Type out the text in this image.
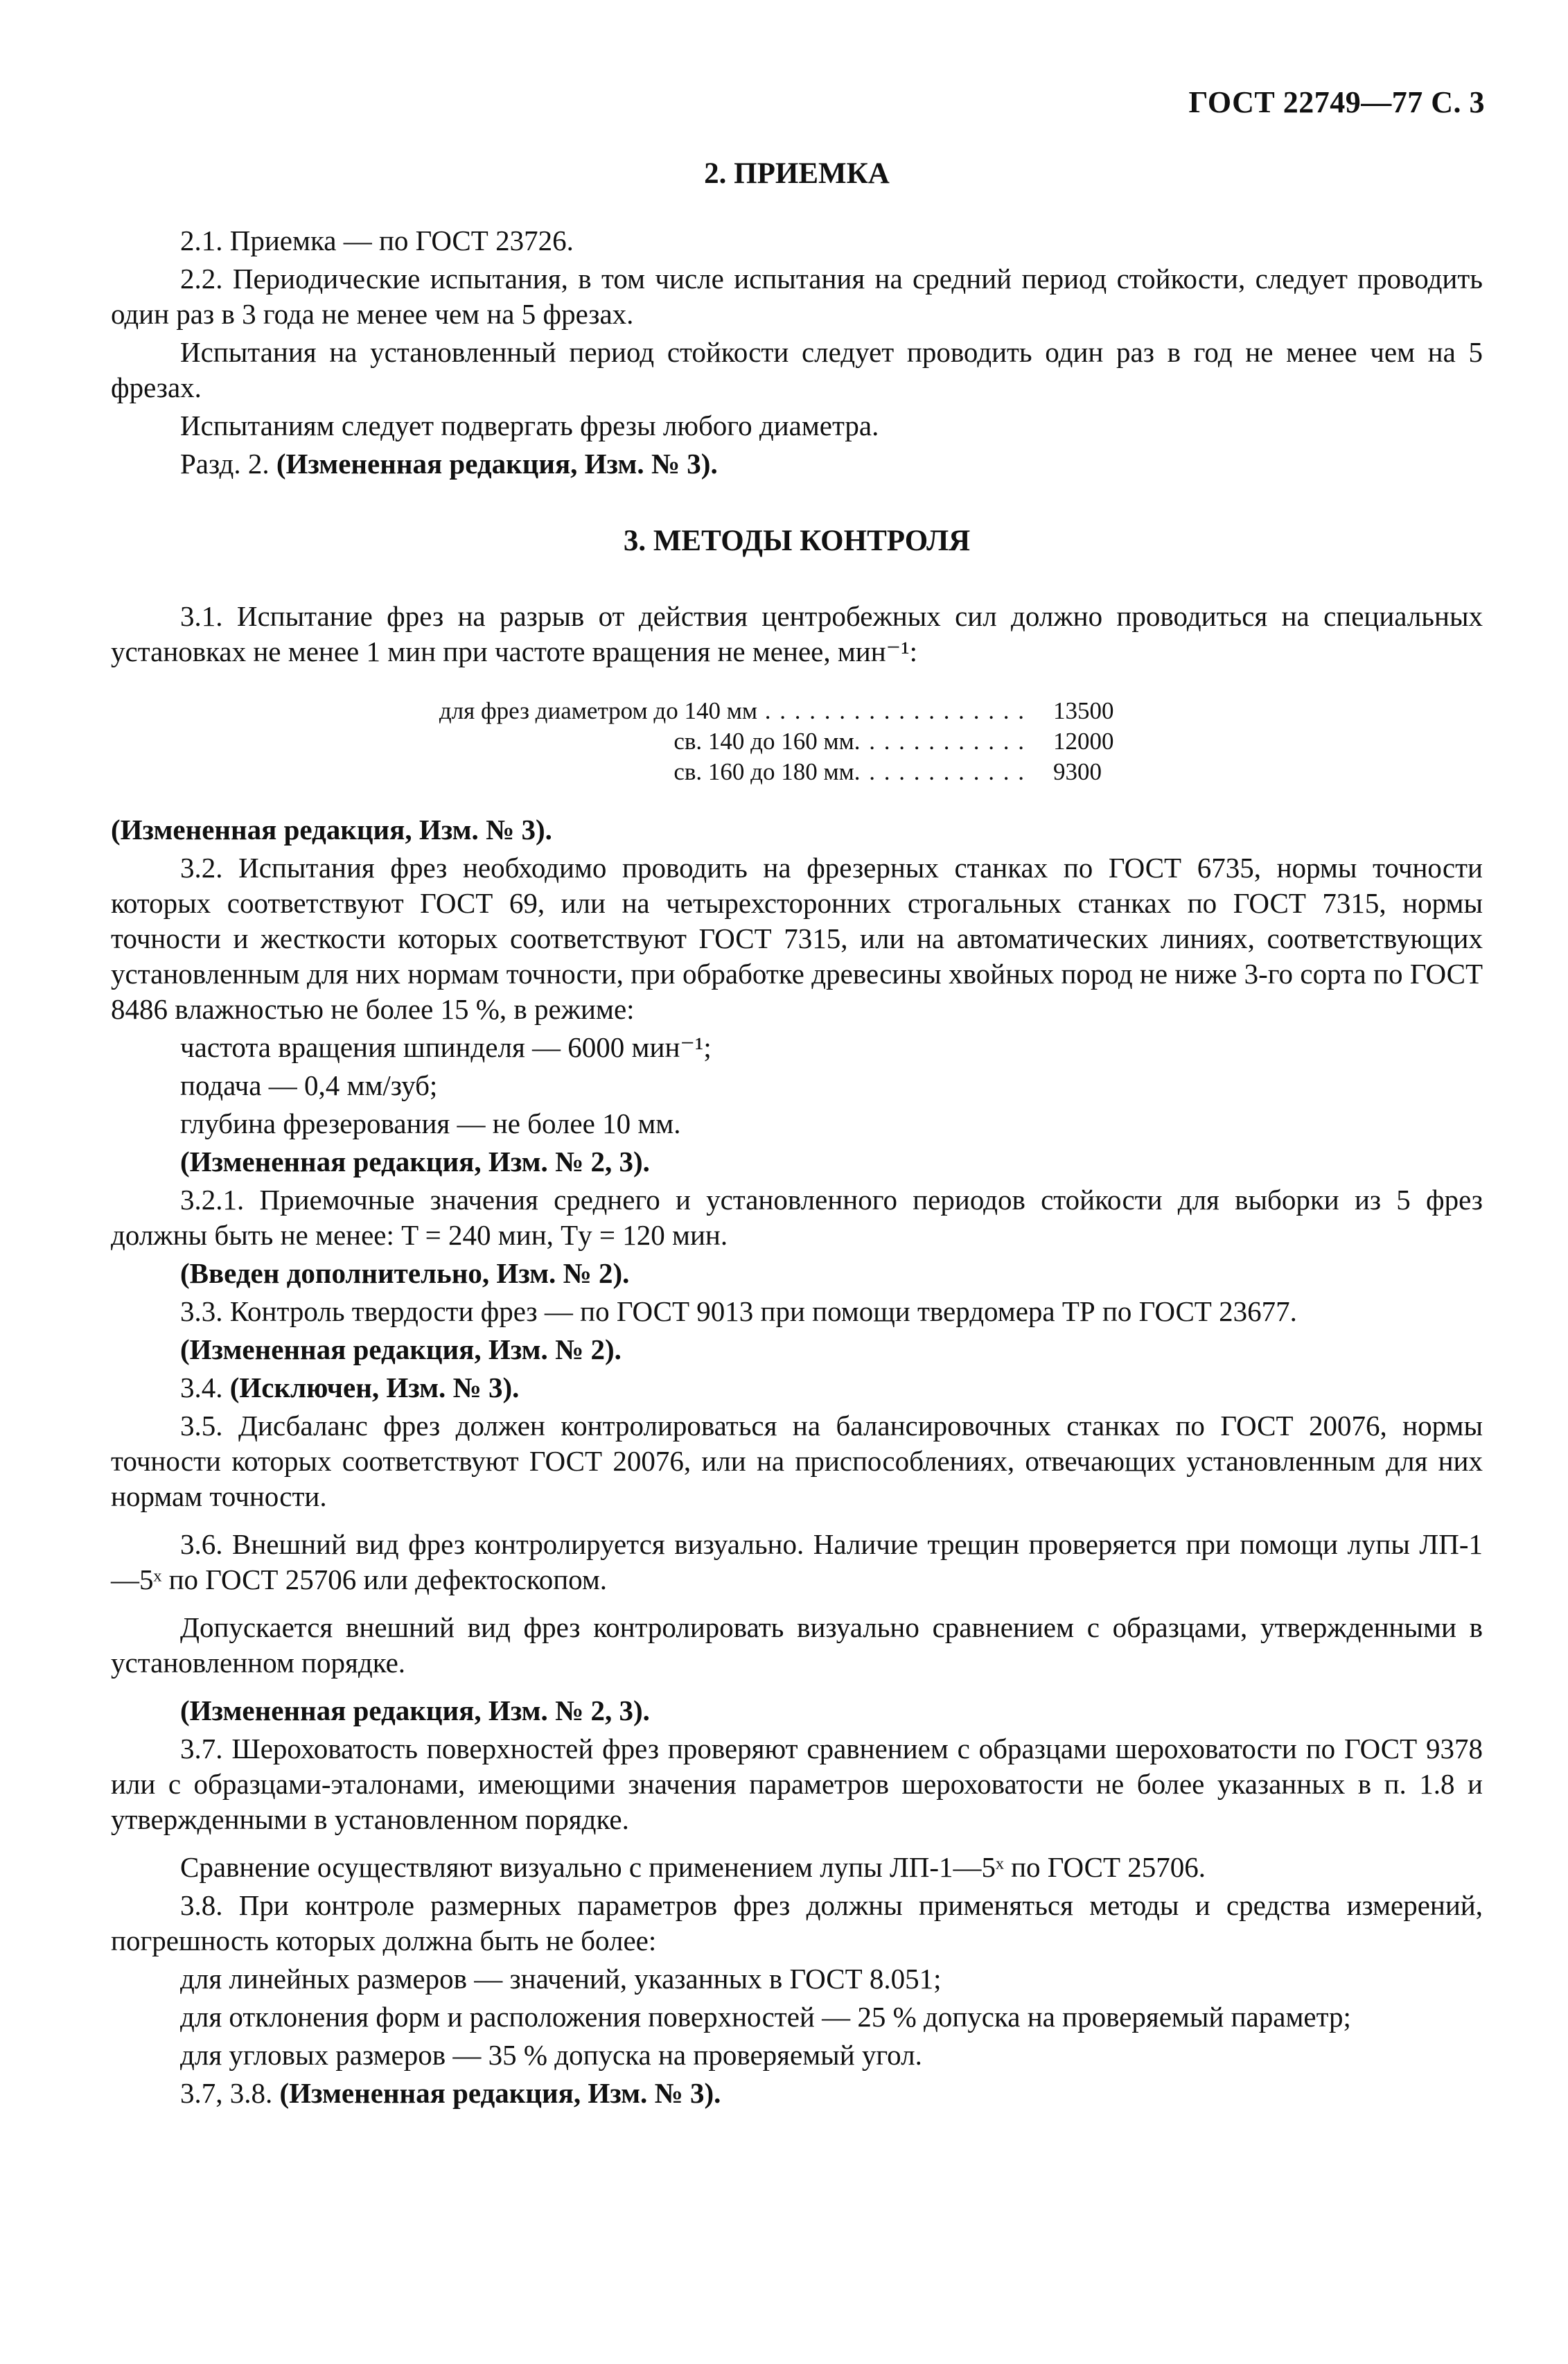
ГОСТ 22749—77 С. 3
2. ПРИЕМКА

2.1. Приемка — по ГОСТ 23726.

2.2. Периодические испытания, в том числе испытания на средний период стойкости, следует проводить один раз в 3 года не менее чем на 5 фрезах.

Испытания на установленный период стойкости следует проводить один раз в год не менее чем на 5 фрезах.

Испытаниям следует подвергать фрезы любого диаметра.

Разд. 2. (Измененная редакция, Изм. № 3).

3. МЕТОДЫ КОНТРОЛЯ

3.1. Испытание фрез на разрыв от действия центробежных сил должно проводиться на специальных установках не менее 1 мин при частоте вращения не менее, мин⁻¹:

для фрез диаметром до 140 мм . . . . . . . . . . . . . . . . . .	13500
св. 140 до 160 мм. . . . . . . . . . . .	12000
св. 160 до 180 мм. . . . . . . . . . . .	9300

(Измененная редакция, Изм. № 3).

3.2. Испытания фрез необходимо проводить на фрезерных станках по ГОСТ 6735, нормы точности которых соответствуют ГОСТ 69, или на четырехсторонних строгальных станках по ГОСТ 7315, нормы точности и жесткости которых соответствуют ГОСТ 7315, или на автоматических линиях, соответствующих установленным для них нормам точности, при обработке древесины хвойных пород не ниже 3-го сорта по ГОСТ 8486 влажностью не более 15 %, в режиме:

частота вращения шпинделя — 6000 мин⁻¹;

подача — 0,4 мм/зуб;

глубина фрезерования — не более 10 мм.

(Измененная редакция, Изм. № 2, 3).

3.2.1. Приемочные значения среднего и установленного периодов стойкости для выборки из 5 фрез должны быть не менее: T = 240 мин, Tу = 120 мин.

(Введен дополнительно, Изм. № 2).

3.3. Контроль твердости фрез — по ГОСТ 9013 при помощи твердомера ТР по ГОСТ 23677.

(Измененная редакция, Изм. № 2).

3.4. (Исключен, Изм. № 3).

3.5. Дисбаланс фрез должен контролироваться на балансировочных станках по ГОСТ 20076, нормы точности которых соответствуют ГОСТ 20076, или на приспособлениях, отвечающих установленным для них нормам точности.

3.6. Внешний вид фрез контролируется визуально. Наличие трещин проверяется при помощи лупы ЛП-1—5ˣ по ГОСТ 25706 или дефектоскопом.

Допускается внешний вид фрез контролировать визуально сравнением с образцами, утвержденными в установленном порядке.

(Измененная редакция, Изм. № 2, 3).

3.7. Шероховатость поверхностей фрез проверяют сравнением с образцами шероховатости по ГОСТ 9378 или с образцами-эталонами, имеющими значения параметров шероховатости не более указанных в п. 1.8 и утвержденными в установленном порядке.

Сравнение осуществляют визуально с применением лупы ЛП-1—5ˣ по ГОСТ 25706.

3.8. При контроле размерных параметров фрез должны применяться методы и средства измерений, погрешность которых должна быть не более:

для линейных размеров — значений, указанных в ГОСТ 8.051;

для отклонения форм и расположения поверхностей — 25 % допуска на проверяемый параметр;

для угловых размеров — 35 % допуска на проверяемый угол.

3.7, 3.8. (Измененная редакция, Изм. № 3).
